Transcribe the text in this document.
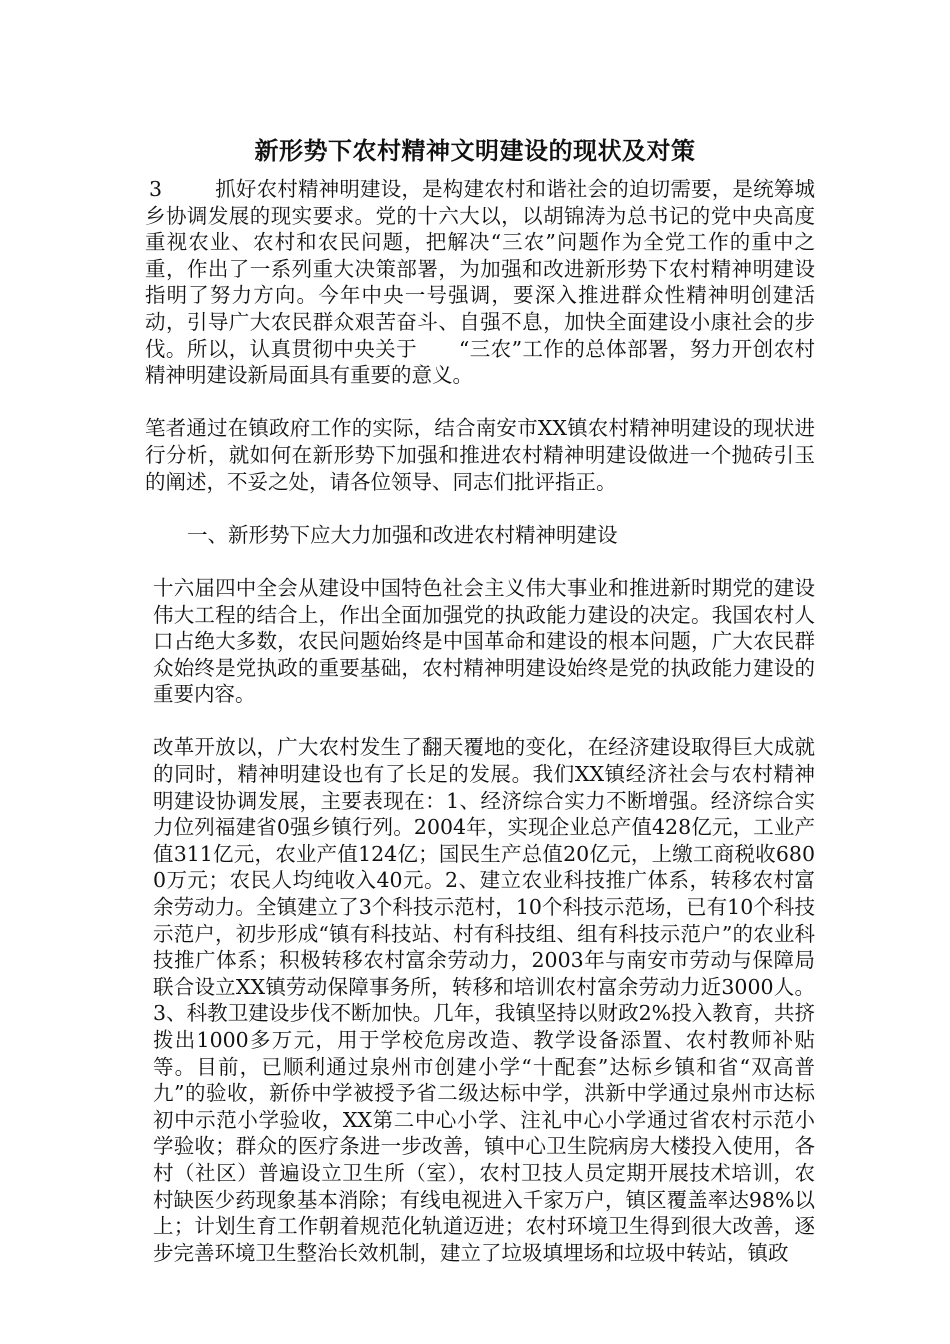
新形势下农村精神文明建设的现状及对策

3	抓好农村精神明建设，是构建农村和谐社会的迫切需要，是统筹城乡协调发展的现实要求。党的十六大以，以胡锦涛为总书记的党中央高度重视农业、农村和农民问题，把解决“三农”问题作为全党工作的重中之重，作出了一系列重大决策部署，为加强和改进新形势下农村精神明建设指明了努力方向。今年中央一号强调，要深入推进群众性精神明创建活动，引导广大农民群众艰苦奋斗、自强不息，加快全面建设小康社会的步伐。所以，认真贯彻中央关于　　“三农”工作的总体部署，努力开创农村精神明建设新局面具有重要的意义。

笔者通过在镇政府工作的实际，结合南安市XX镇农村精神明建设的现状进行分析，就如何在新形势下加强和推进农村精神明建设做进一个抛砖引玉的阐述，不妥之处，请各位领导、同志们批评指正。

一、新形势下应大力加强和改进农村精神明建设

十六届四中全会从建设中国特色社会主义伟大事业和推进新时期党的建设伟大工程的结合上，作出全面加强党的执政能力建设的决定。我国农村人口占绝大多数，农民问题始终是中国革命和建设的根本问题，广大农民群众始终是党执政的重要基础，农村精神明建设始终是党的执政能力建设的重要内容。

改革开放以，广大农村发生了翻天覆地的变化，在经济建设取得巨大成就的同时，精神明建设也有了长足的发展。我们XX镇经济社会与农村精神明建设协调发展，主要表现在：1、经济综合实力不断增强。经济综合实力位列福建省0强乡镇行列。2004年，实现企业总产值428亿元，工业产值311亿元，农业产值124亿；国民生产总值20亿元，上缴工商税收6800万元；农民人均纯收入40元。2、建立农业科技推广体系，转移农村富余劳动力。全镇建立了3个科技示范村，10个科技示范场，已有10个科技示范户，初步形成“镇有科技站、村有科技组、组有科技示范户”的农业科技推广体系；积极转移农村富余劳动力，2003年与南安市劳动与保障局联合设立XX镇劳动保障事务所，转移和培训农村富余劳动力近3000人。3、科教卫建设步伐不断加快。几年，我镇坚持以财政2%投入教育，共挤拨出1000多万元，用于学校危房改造、教学设备添置、农村教师补贴等。目前，已顺利通过泉州市创建小学“十配套”达标乡镇和省“双高普九”的验收，新侨中学被授予省二级达标中学，洪新中学通过泉州市达标初中示范小学验收，XX第二中心小学、注礼中心小学通过省农村示范小学验收；群众的医疗条进一步改善，镇中心卫生院病房大楼投入使用，各村（社区）普遍设立卫生所（室），农村卫技人员定期开展技术培训，农村缺医少药现象基本消除；有线电视进入千家万户，镇区覆盖率达98%以上；计划生育工作朝着规范化轨道迈进；农村环境卫生得到很大改善，逐步完善环境卫生整治长效机制，建立了垃圾填埋场和垃圾中转站，镇政
